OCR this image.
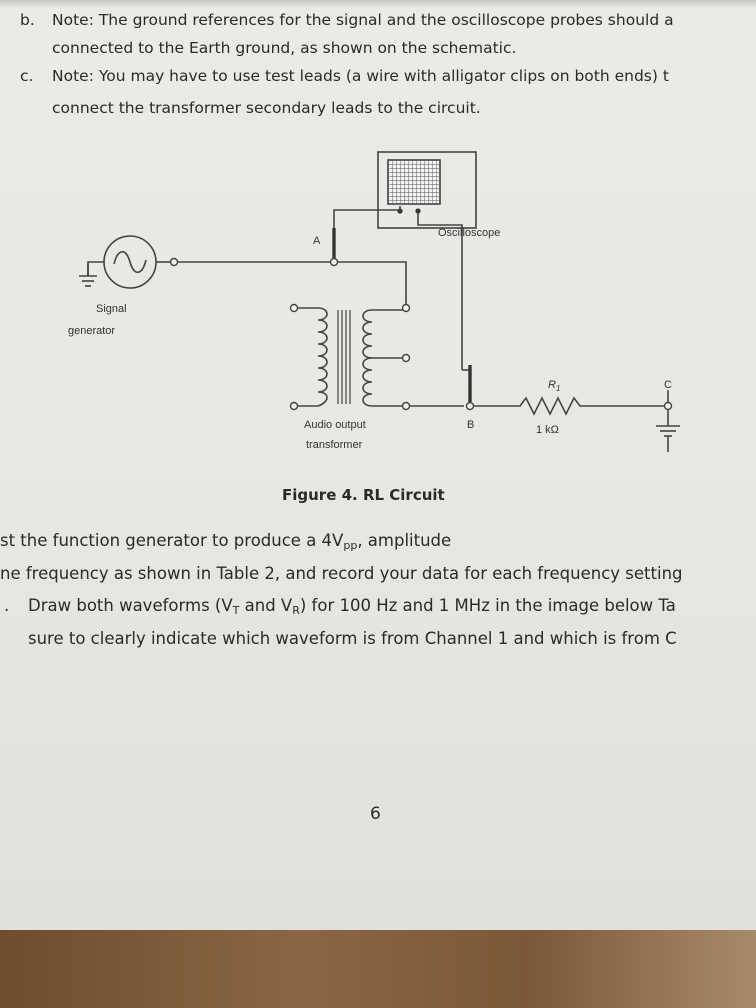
b. Note: The ground references for the signal and the oscilloscope probes should a
connected to the Earth ground, as shown on the schematic.
c. Note: You may have to use test leads (a wire with alligator clips on both ends) t
connect the transformer secondary leads to the circuit.
Oscilloscope
A
Signal
generator
Audio output
transformer
B
$R_1$
1 kΩ
C
Figure 4. RL Circuit
st the function generator to produce a $4V_{pp}$, amplitude
ne frequency as shown in Table 2, and record your data for each frequency setting
. Draw both waveforms ($V_T$ and $V_R$) for 100 Hz and 1 MHz in the image below Ta
sure to clearly indicate which waveform is from Channel 1 and which is from C
6
